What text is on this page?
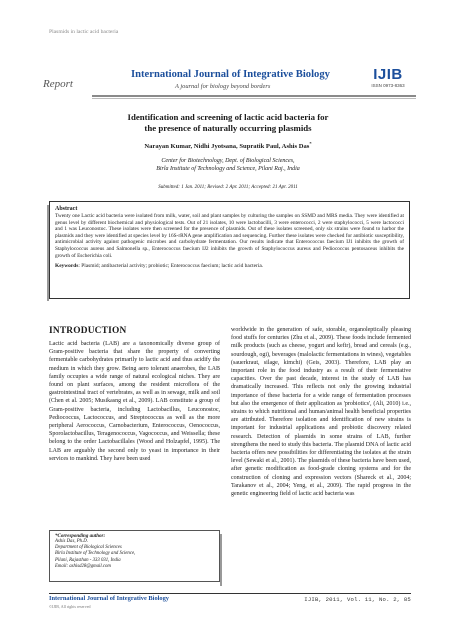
Plasmids in lactic acid bacteria
Report
International Journal of Integrative Biology
A journal for biology beyond borders
IJIB
ISSN 0973-8363
Identification and screening of lactic acid bacteria for
the presence of naturally occurring plasmids
Narayan Kumar, Nidhi Jyotsana, Supratik Paul, Ashis Das*
Center for Biotechnology, Dept. of Biological Sciences,
Birla Institute of Technology and Science, Pilani Raj., India
Submitted: 1 Jan. 2011; Revised: 2 Apr. 2011; Accepted: 21 Apr. 2011
Abstract
Twenty one Lactic acid bacteria were isolated from milk, water, soil and plant samples by culturing the samples on SSMD and MRS media. They were identified at genus level by different biochemical and physiological tests. Out of 21 isolates, 10 were lactobacilli, 3 were enterococci, 2 were staphylococci, 5 were lactococci and 1 was Leuconostoc. These isolates were then screened for the presence of plasmids. Out of these isolates screened, only six strains were found to harbor the plasmids and they were identified at species level by 16S-rRNA gene amplification and sequencing. Further these isolates were checked for antibiotic susceptibility, antimicrobial activity against pathogenic microbes and carbohydrate fermentation. Our results indicate that Enterococcus faecium IJ1 inhibits the growth of Staphylococcus aureus and Salmonella sp., Enterococcus faecium IJ2 inhibits the growth of Staphylococcus aureus and Pediococcus pentosaceus inhibits the growth of Escherichia coli.
Keywords: Plasmid; antibacterial activity; probiotic; Enterococcus faecium; lactic acid bacteria.
INTRODUCTION
Lactic acid bacteria (LAB) are a taxonomically diverse group of Gram-positive bacteria that share the property of converting fermentable carbohydrates primarily to lactic acid and thus acidify the medium in which they grow. Being aero tolerant anaerobes, the LAB family occupies a wide range of natural ecological niches. They are found on plant surfaces, among the resident microflora of the gastrointestinal tract of vertebrates, as well as in sewage, milk and soil (Chen et al. 2005; Musikasng et al., 2009). LAB constitute a group of Gram-positive bacteria, including Lactobacillus, Leuconostoc, Pediococcus, Lactococcus, and Streptococcus as well as the more peripheral Aerococcus, Carnobacterium, Enterococcus, Oenococcus, Sporolactobacillus, Teragenococcus, Vagococcus, and Weissella; these belong to the order Lactobacillales (Wood and Holzapfel, 1995). The LAB are arguably the second only to yeast in importance in their services to mankind. They have been used
worldwide in the generation of safe, storable, organoleptically pleasing food stuffs for centuries (Zhu et al., 2009). These foods include fermented milk products (such as cheese, yogurt and kefir), bread and cereals (e.g., sourdough, ogi), beverages (malolactic fermentations in wines), vegetables (sauerkraut, silage, kimchi) (Geis, 2003). Therefore, LAB play an important role in the food industry as a result of their fermentative capacities. Over the past decade, interest in the study of LAB has dramatically increased. This reflects not only the growing industrial importance of these bacteria for a wide range of fermentation processes but also the emergence of their application as 'probiotics', (Ali, 2010) i.e., strains to which nutritional and human/animal health beneficial properties are attributed. Therefore isolation and identification of new strains is important for industrial applications and probiotic discovery related research. Detection of plasmids in some strains of LAB, further strengthens the need to study this bacteria. The plasmid DNA of lactic acid bacteria offers new possibilities for differentiating the isolates at the strain level (Sewaki et al., 2001). The plasmids of these bacteria have been used, after genetic modification as food-grade cloning systems and for the construction of cloning and expression vectors (Shareck et al., 2004; Tarakanov et al., 2004; Yeng, et al., 2009). The rapid progress in the genetic engineering field of lactic acid bacteria was
*Corresponding author:
Ashis Das, Ph.D.
Department of Biological Sciences
Birla Institute of Technology and Science,
Pilani, Rajasthan - 333 031, India
Email: ashisd28@gmail.com
International Journal of Integrative Biology
©IJIB, All rights reserved
IJIB, 2011, Vol. 11, No. 2, 85
